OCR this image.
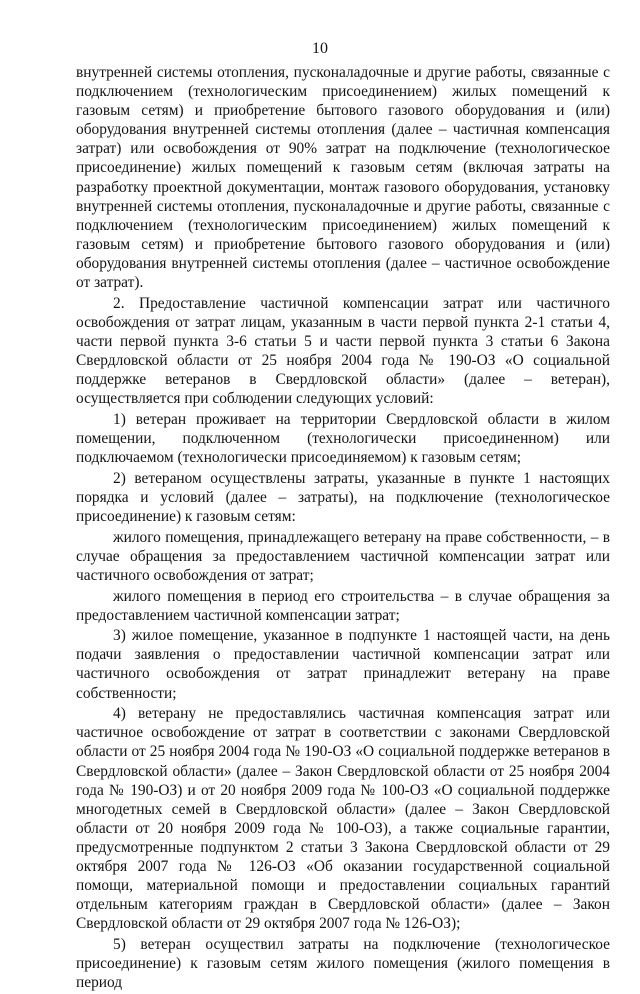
10

внутренней системы отопления, пусконаладочные и другие работы, связанные с подключением (технологическим присоединением) жилых помещений к газовым сетям) и приобретение бытового газового оборудования и (или) оборудования внутренней системы отопления (далее – частичная компенсация затрат) или освобождения от 90% затрат на подключение (технологическое присоединение) жилых помещений к газовым сетям (включая затраты на разработку проектной документации, монтаж газового оборудования, установку внутренней системы отопления, пусконаладочные и другие работы, связанные с подключением (технологическим присоединением) жилых помещений к газовым сетям) и приобретение бытового газового оборудования и (или) оборудования внутренней системы отопления (далее – частичное освобождение от затрат).

2. Предоставление частичной компенсации затрат или частичного освобождения от затрат лицам, указанным в части первой пункта 2-1 статьи 4, части первой пункта 3-6 статьи 5 и части первой пункта 3 статьи 6 Закона Свердловской области от 25 ноября 2004 года № 190-ОЗ «О социальной поддержке ветеранов в Свердловской области» (далее – ветеран), осуществляется при соблюдении следующих условий:

1) ветеран проживает на территории Свердловской области в жилом помещении, подключенном (технологически присоединенном) или подключаемом (технологически присоединяемом) к газовым сетям;

2) ветераном осуществлены затраты, указанные в пункте 1 настоящих порядка и условий (далее – затраты), на подключение (технологическое присоединение) к газовым сетям:

жилого помещения, принадлежащего ветерану на праве собственности, – в случае обращения за предоставлением частичной компенсации затрат или частичного освобождения от затрат;

жилого помещения в период его строительства – в случае обращения за предоставлением частичной компенсации затрат;

3) жилое помещение, указанное в подпункте 1 настоящей части, на день подачи заявления о предоставлении частичной компенсации затрат или частичного освобождения от затрат принадлежит ветерану на праве собственности;

4) ветерану не предоставлялись частичная компенсация затрат или частичное освобождение от затрат в соответствии с законами Свердловской области от 25 ноября 2004 года № 190-ОЗ «О социальной поддержке ветеранов в Свердловской области» (далее – Закон Свердловской области от 25 ноября 2004 года № 190-ОЗ) и от 20 ноября 2009 года № 100-ОЗ «О социальной поддержке многодетных семей в Свердловской области» (далее – Закон Свердловской области от 20 ноября 2009 года № 100-ОЗ), а также социальные гарантии, предусмотренные подпунктом 2 статьи 3 Закона Свердловской области от 29 октября 2007 года № 126-ОЗ «Об оказании государственной социальной помощи, материальной помощи и предоставлении социальных гарантий отдельным категориям граждан в Свердловской области» (далее – Закон Свердловской области от 29 октября 2007 года № 126-ОЗ);

5) ветеран осуществил затраты на подключение (технологическое присоединение) к газовым сетям жилого помещения (жилого помещения в период
